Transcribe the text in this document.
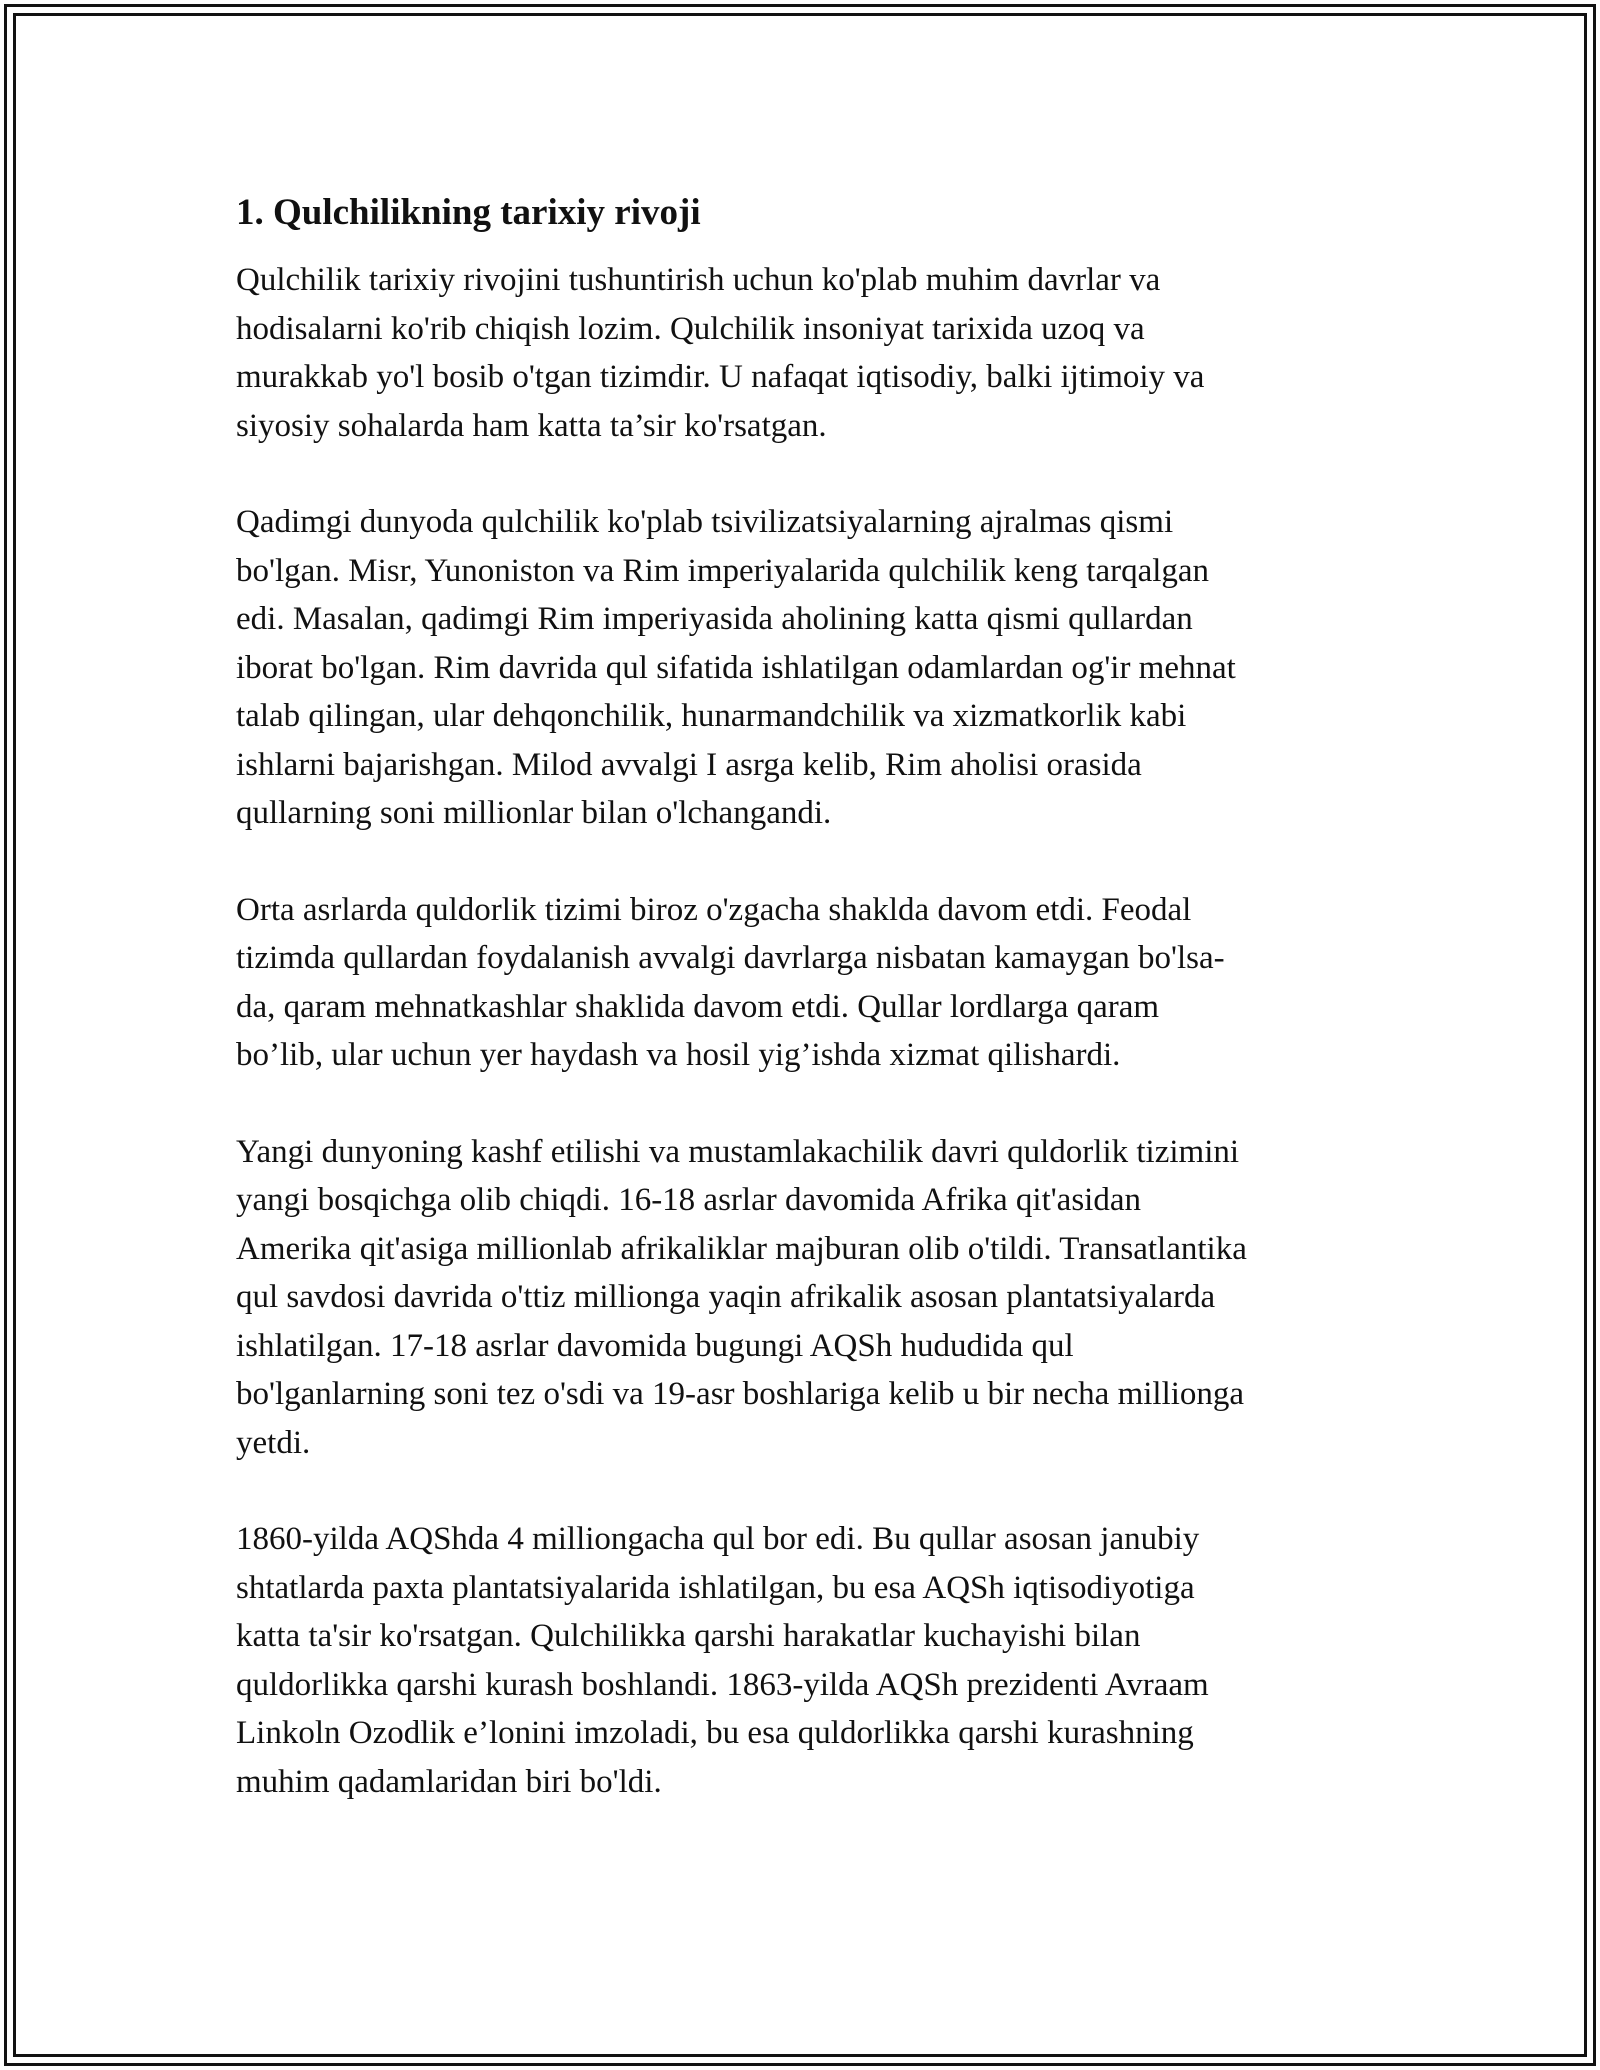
1. Qulchilikning tarixiy rivoji

Qulchilik tarixiy rivojini tushuntirish uchun ko'plab muhim davrlar va
hodisalarni ko'rib chiqish lozim. Qulchilik insoniyat tarixida uzoq va
murakkab yo'l bosib o'tgan tizimdir. U nafaqat iqtisodiy, balki ijtimoiy va
siyosiy sohalarda ham katta ta’sir ko'rsatgan.

Qadimgi dunyoda qulchilik ko'plab tsivilizatsiyalarning ajralmas qismi
bo'lgan. Misr, Yunoniston va Rim imperiyalarida qulchilik keng tarqalgan
edi. Masalan, qadimgi Rim imperiyasida aholining katta qismi qullardan
iborat bo'lgan. Rim davrida qul sifatida ishlatilgan odamlardan og'ir mehnat
talab qilingan, ular dehqonchilik, hunarmandchilik va xizmatkorlik kabi
ishlarni bajarishgan. Milod avvalgi I asrga kelib, Rim aholisi orasida
qullarning soni millionlar bilan o'lchangandi.

Orta asrlarda quldorlik tizimi biroz o'zgacha shaklda davom etdi. Feodal
tizimda qullardan foydalanish avvalgi davrlarga nisbatan kamaygan bo'lsa-
da, qaram mehnatkashlar shaklida davom etdi. Qullar lordlarga qaram
bo’lib, ular uchun yer haydash va hosil yig’ishda xizmat qilishardi.

Yangi dunyoning kashf etilishi va mustamlakachilik davri quldorlik tizimini
yangi bosqichga olib chiqdi. 16-18 asrlar davomida Afrika qit'asidan
Amerika qit'asiga millionlab afrikaliklar majburan olib o'tildi. Transatlantika
qul savdosi davrida o'ttiz millionga yaqin afrikalik asosan plantatsiyalarda
ishlatilgan. 17-18 asrlar davomida bugungi AQSh hududida qul
bo'lganlarning soni tez o'sdi va 19-asr boshlariga kelib u bir necha millionga
yetdi.

1860-yilda AQShda 4 milliongacha qul bor edi. Bu qullar asosan janubiy
shtatlarda paxta plantatsiyalarida ishlatilgan, bu esa AQSh iqtisodiyotiga
katta ta'sir ko'rsatgan. Qulchilikka qarshi harakatlar kuchayishi bilan
quldorlikka qarshi kurash boshlandi. 1863-yilda AQSh prezidenti Avraam
Linkoln Ozodlik e’lonini imzoladi, bu esa quldorlikka qarshi kurashning
muhim qadamlaridan biri bo'ldi.
